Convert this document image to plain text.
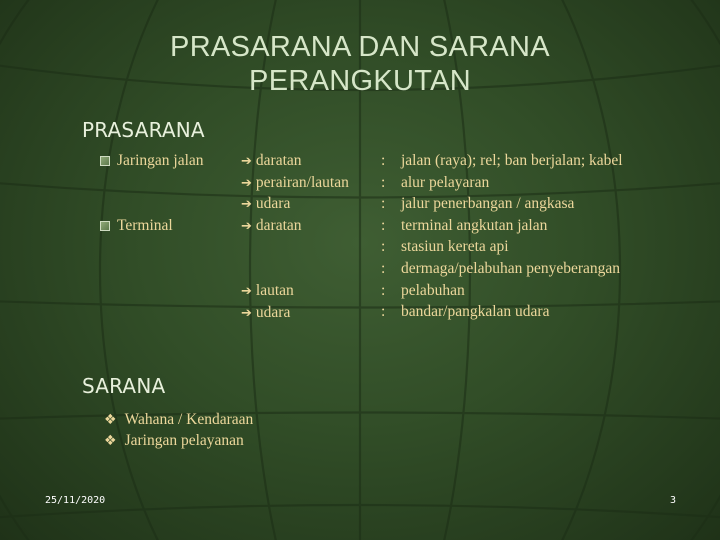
PRASARANA DAN SARANA
PERANGKUTAN
PRASARANA
Jaringan jalan
Terminal
➔ daratan
➔ perairan/lautan
➔ udara
➔ daratan
➔ lautan
➔ udara
:
:
:
:
:
:
:
:
jalan (raya); rel; ban berjalan; kabel
alur pelayaran
jalur penerbangan / angkasa
terminal angkutan jalan
stasiun kereta api
dermaga/pelabuhan penyeberangan
pelabuhan
bandar/pangkalan udara
SARANA
❖ Wahana / Kendaraan
❖ Jaringan pelayanan
25/11/2020	3
